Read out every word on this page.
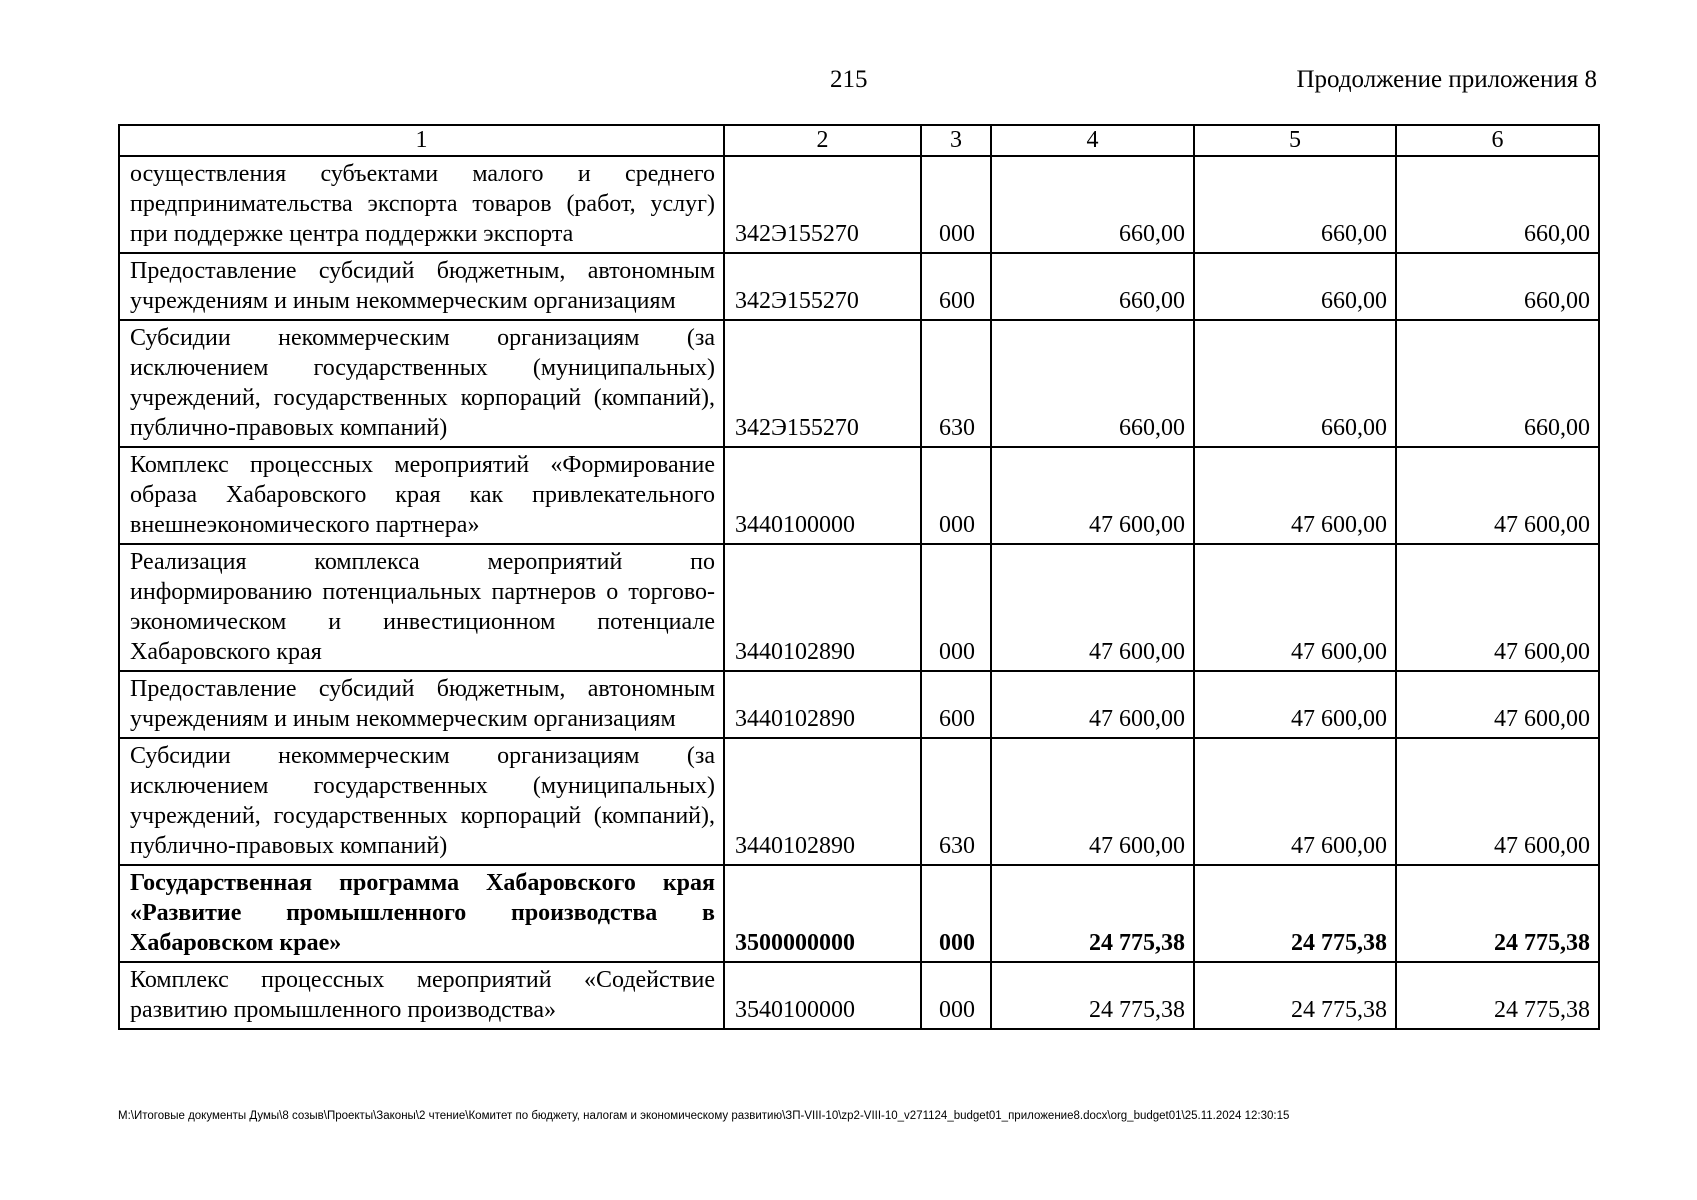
215	Продолжение приложения 8
1	2	3	4	5	6
осуществления субъектами малого и среднего предпринимательства экспорта товаров (работ, услуг) при поддержке центра поддержки экспорта	342Э155270	000	660,00	660,00	660,00
Предоставление субсидий бюджетным, автономным учреждениям и иным некоммерческим организациям	342Э155270	600	660,00	660,00	660,00
Субсидии некоммерческим организациям (за исключением государственных (муниципальных) учреждений, государственных корпораций (компаний), публично-правовых компаний)	342Э155270	630	660,00	660,00	660,00
Комплекс процессных мероприятий «Формирование образа Хабаровского края как привлекательного внешнеэкономического партнера»	3440100000	000	47 600,00	47 600,00	47 600,00
Реализация комплекса мероприятий по информированию потенциальных партнеров о торгово-экономическом и инвестиционном потенциале Хабаровского края	3440102890	000	47 600,00	47 600,00	47 600,00
Предоставление субсидий бюджетным, автономным учреждениям и иным некоммерческим организациям	3440102890	600	47 600,00	47 600,00	47 600,00
Субсидии некоммерческим организациям (за исключением государственных (муниципальных) учреждений, государственных корпораций (компаний), публично-правовых компаний)	3440102890	630	47 600,00	47 600,00	47 600,00
Государственная программа Хабаровского края «Развитие промышленного производства в Хабаровском крае»	3500000000	000	24 775,38	24 775,38	24 775,38
Комплекс процессных мероприятий «Содействие развитию промышленного производства»	3540100000	000	24 775,38	24 775,38	24 775,38
M:\Итоговые документы Думы\8 созыв\Проекты\Законы\2 чтение\Комитет по бюджету, налогам и экономическому развитию\ЗП-VIII-10\zp2-VIII-10_v271124_budget01_приложение8.docx\org_budget01\25.11.2024 12:30:15
